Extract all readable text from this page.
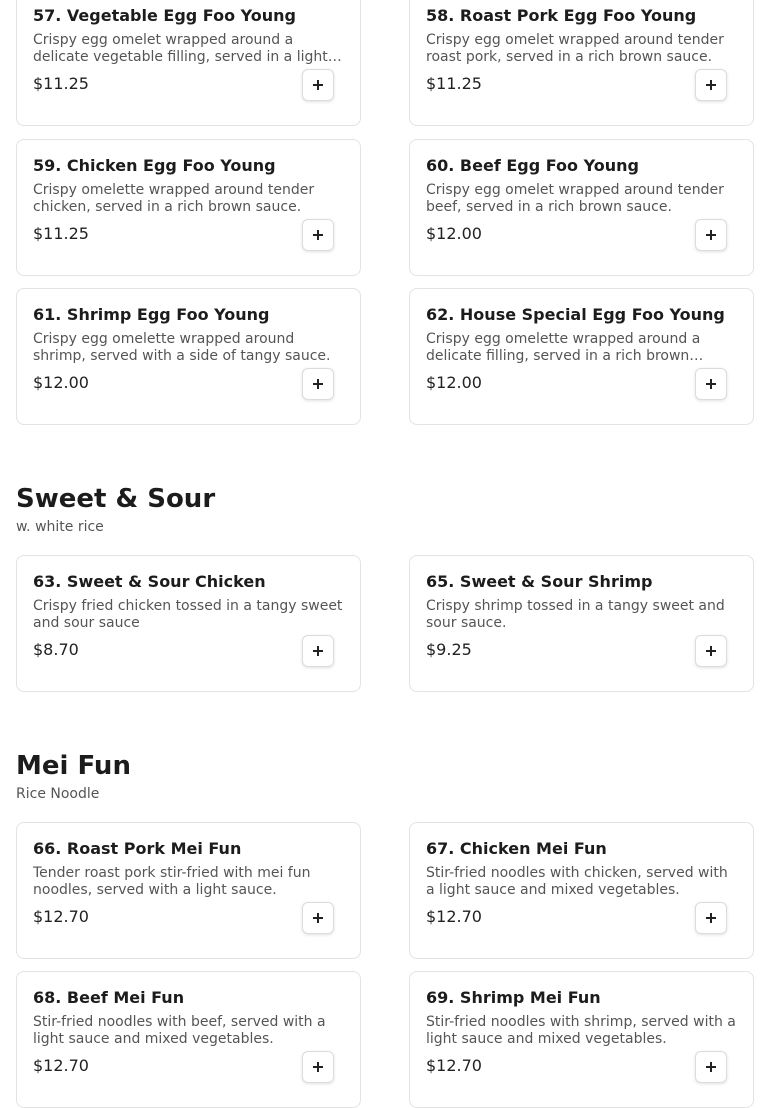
57. Vegetable Egg Foo Young
Crispy egg omelet wrapped around a delicate vegetable filling, served in a light
$11.25
58. Roast Pork Egg Foo Young
Crispy egg omelet wrapped around tender roast pork, served in a rich brown sauce.
$11.25
59. Chicken Egg Foo Young
Crispy omelette wrapped around tender chicken, served in a rich brown sauce.
$11.25
60. Beef Egg Foo Young
Crispy egg omelet wrapped around tender beef, served in a rich brown sauce.
$12.00
61. Shrimp Egg Foo Young
Crispy egg omelette wrapped around shrimp, served with a side of tangy sauce.
$12.00
62. House Special Egg Foo Young
Crispy egg omelette wrapped around a delicate filling, served in a rich brown
$12.00
Sweet & Sour
w. white rice
63. Sweet & Sour Chicken
Crispy fried chicken tossed in a tangy sweet and sour sauce
$8.70
65. Sweet & Sour Shrimp
Crispy shrimp tossed in a tangy sweet and sour sauce.
$9.25
Mei Fun
Rice Noodle
66. Roast Pork Mei Fun
Tender roast pork stir-fried with mei fun noodles, served with a light sauce.
$12.70
67. Chicken Mei Fun
Stir-fried noodles with chicken, served with a light sauce and mixed vegetables.
$12.70
68. Beef Mei Fun
Stir-fried noodles with beef, served with a light sauce and mixed vegetables.
$12.70
69. Shrimp Mei Fun
Stir-fried noodles with shrimp, served with a light sauce and mixed vegetables.
$12.70
